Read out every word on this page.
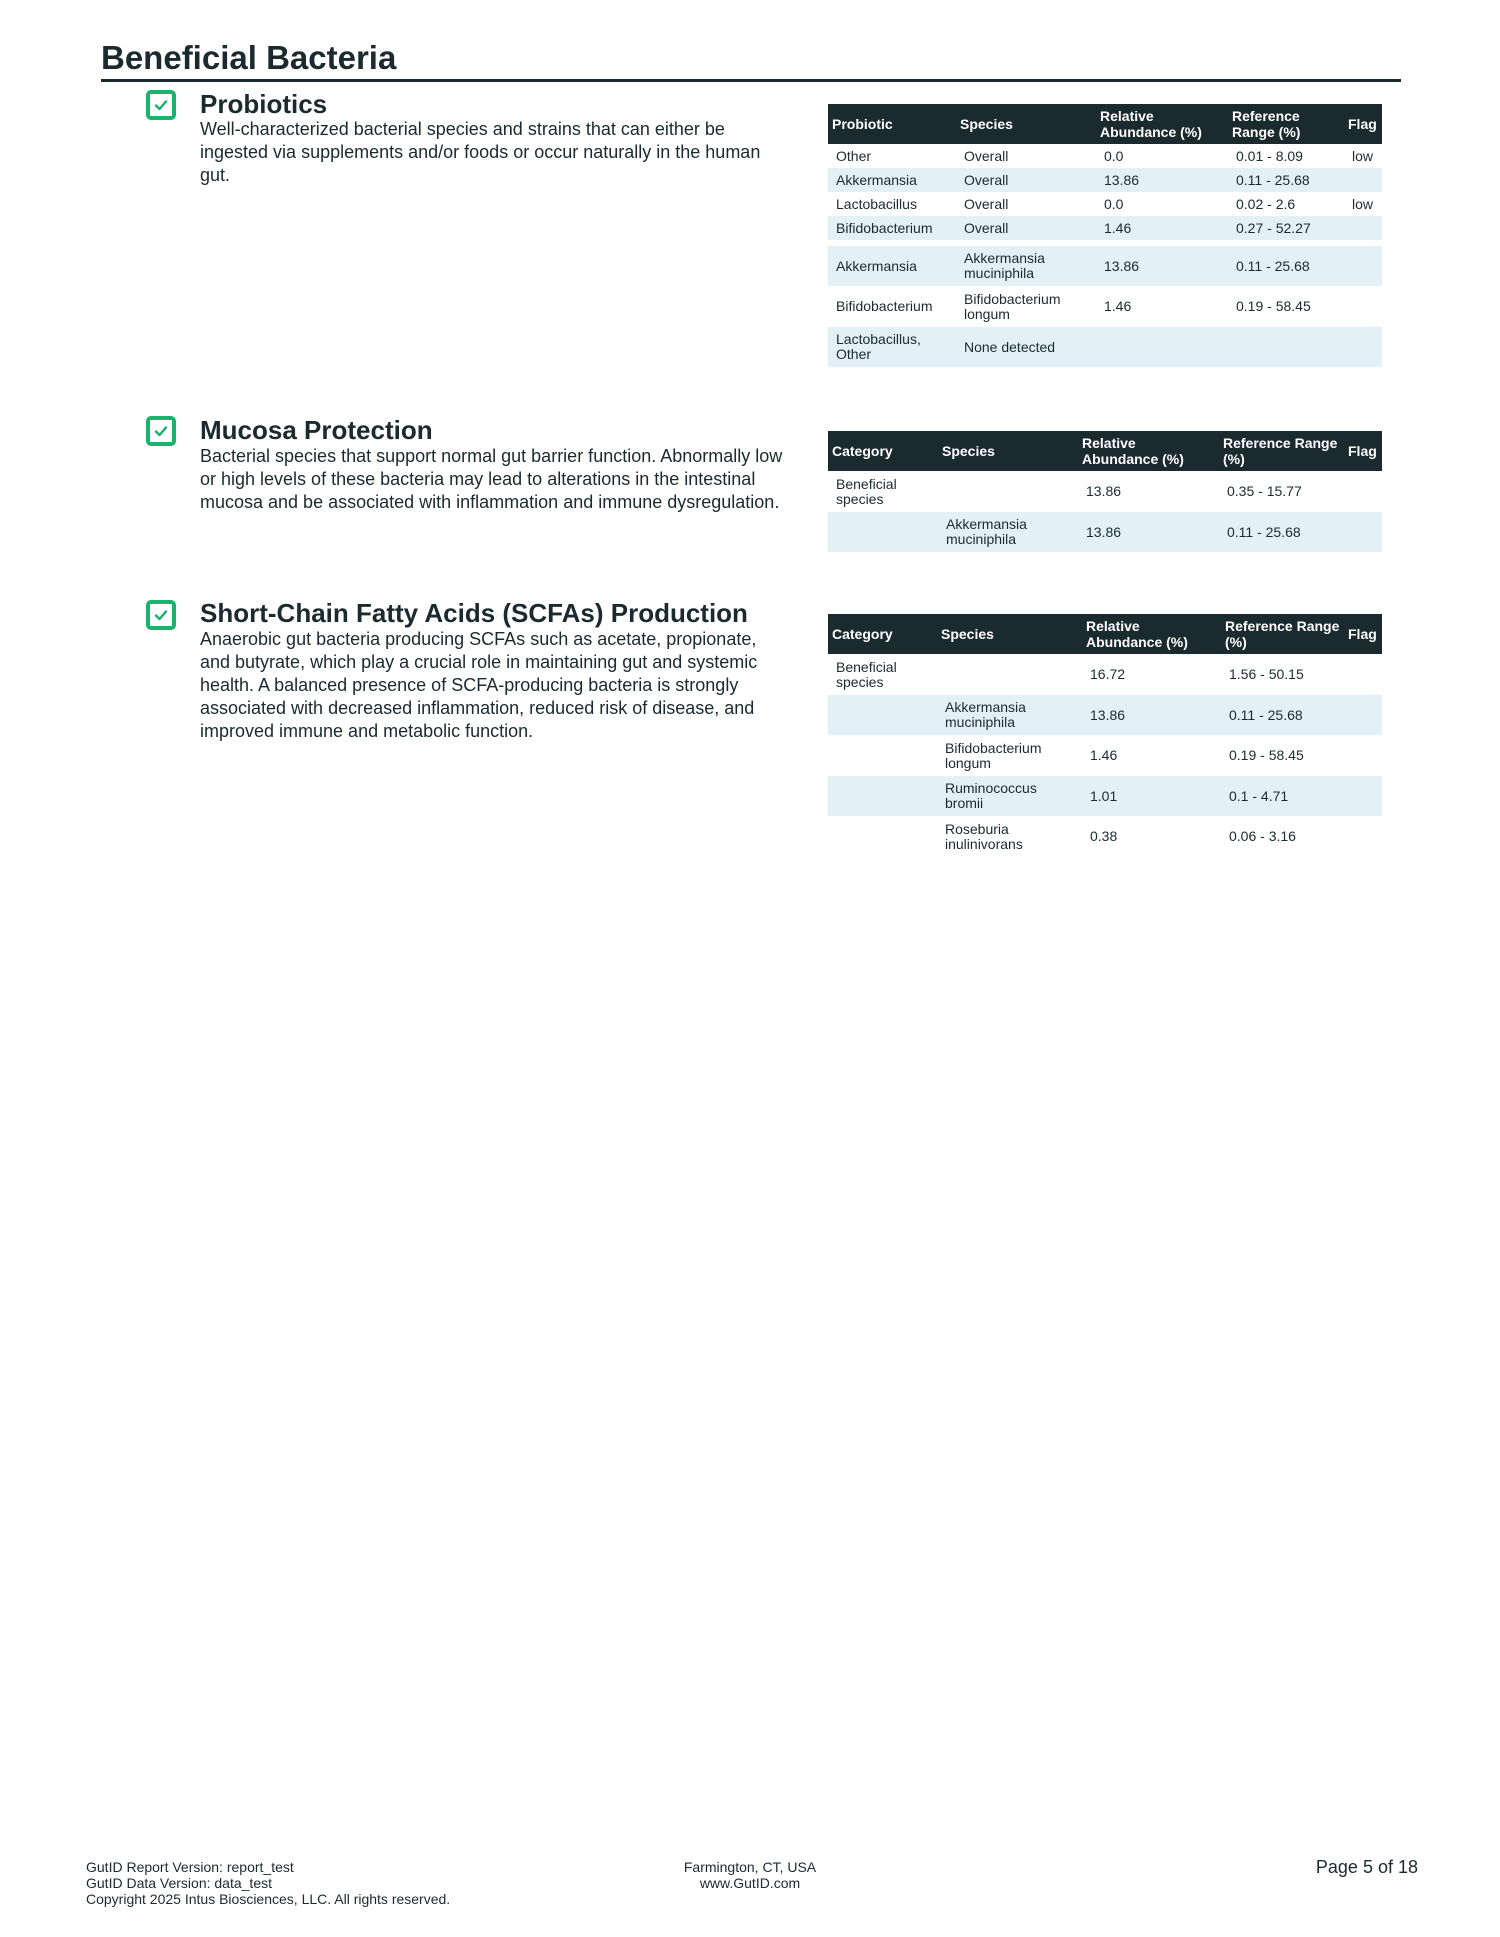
Beneficial Bacteria
Probiotics

Well-characterized bacterial species and strains that can either be ingested via supplements and/or foods or occur naturally in the human gut.

Probiotic	Species	Relative Abundance (%)	Reference Range (%)	Flag
Other	Overall	0.0	0.01 - 8.09	low
Akkermansia	Overall	13.86	0.11 - 25.68	
Lactobacillus	Overall	0.0	0.02 - 2.6	low
Bifidobacterium	Overall	1.46	0.27 - 52.27	

Akkermansia	Akkermansia muciniphila	13.86	0.11 - 25.68	
Bifidobacterium	Bifidobacterium longum	1.46	0.19 - 58.45	
Lactobacillus, Other	None detected			
Mucosa Protection

Bacterial species that support normal gut barrier function. Abnormally low or high levels of these bacteria may lead to alterations in the intestinal mucosa and be associated with inflammation and immune dysregulation.

Category	Species	Relative Abundance (%)	Reference Range (%)	Flag
Beneficial species		13.86	0.35 - 15.77	
	Akkermansia muciniphila	13.86	0.11 - 25.68	
Short-Chain Fatty Acids (SCFAs) Production

Anaerobic gut bacteria producing SCFAs such as acetate, propionate, and butyrate, which play a crucial role in maintaining gut and systemic health. A balanced presence of SCFA-producing bacteria is strongly associated with decreased inflammation, reduced risk of disease, and improved immune and metabolic function.

Category	Species	Relative Abundance (%)	Reference Range (%)	Flag
Beneficial species		16.72	1.56 - 50.15	
	Akkermansia muciniphila	13.86	0.11 - 25.68	
	Bifidobacterium longum	1.46	0.19 - 58.45	
	Ruminococcus bromii	1.01	0.1 - 4.71	
	Roseburia inulinivorans	0.38	0.06 - 3.16	
GutID Report Version: report_test
GutID Data Version: data_test
Copyright 2025 Intus Biosciences, LLC. All rights reserved.
Farmington, CT, USA
www.GutID.com
Page 5 of 18
